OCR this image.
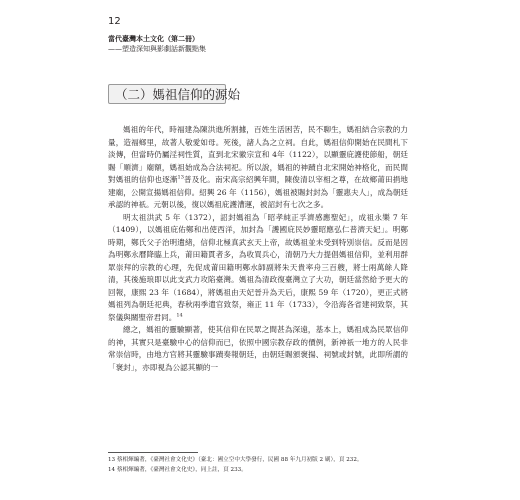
12
當代臺灣本土文化（第二冊）
——塑造深知與影劇話新觀點集
（二）媽祖信仰的源始

媽祖的年代，時福建為陳洪進所割據，百姓生活困苦，民不聊生，媽祖結合宗教的力量，造福鄉里，故著人敬愛如母。死後，諸人為之立祠。自此，媽祖信仰開始在民間札下淡傳，但當時仍屬淫祠性質，直到北宋徽宗宣和 4年（1122），以顯靈庇護使節船，朝廷賜「順濟」廟額，媽祖始成為合法祠祀。所以說，媽祖的神蹟自北宋開始神格化，而民間對媽祖的信仰也逐漸$^{13}$普及化。南宋高宗紹興年間，陳俊清以宰相之尊，在故鄉莆田捐地建廟，公開宣揚媽祖信仰。紹興 26 年（1156），媽祖被賜封封為「靈惠夫人」，成為朝廷承認的神祇。元朝以後，復以媽祖庇護漕運，被詔封有七次之多。

明太祖洪武 5 年（1372），詔封媽祖為「昭孝純正孚濟感應聖妃」，成祖永樂 7 年（1409），以媽祖庇佑鄭和出使西洋，加封為「護國庇民妙靈昭應弘仁普濟天妃」。明鄭時期，鄭氏父子治明遺緒，信仰北極真武玄天上帝，故媽祖並未受到特別崇信。反而是因為明鄭永曆降臨上兵，莆田籍貫者多，為收買兵心，清朝乃大力提倡媽祖信仰，並利用群眾崇拜的宗教的心理，先促成莆田籍明鄭水師副將朱天貴率舟三百艘，將士兩萬餘人降清，其後施琅即以此支武力攻陷臺灣。媽祖為清政復臺灣立了大功，朝廷當然給予更大的回報，康熙 23 年（1684），將媽祖由天妃晉升為天后，康熙 59 年（1720），更正式將媽祖列為朝廷祀典，春秋兩季遣官致祭，雍正 11 年（1733），令沿海各省建祠致祭，其祭儀與關聖帝君同。$^{14}$

總之，媽祖的靈驗顯著，使其信仰在民眾之間甚為深遠，基本上，媽祖成為民眾信仰的神，其實只是臺驗中心的信仰而已，依照中國宗教存政的價例，新神祇一地方的人民非常崇信時，由地方官將其靈驗事蹟奏報朝廷，由朝廷賜頒褒揚、祠號或封號，此即所謂的「褒封」，亦即視為公認其顯的一

13 蔡相煇編著，《臺灣社會文化史》（臺北：國立空中大學發行，民國 88 年九月初版 2 刷），頁 232。
14 蔡相煇編著，《臺灣社會文化史》，同上註，頁 233。
